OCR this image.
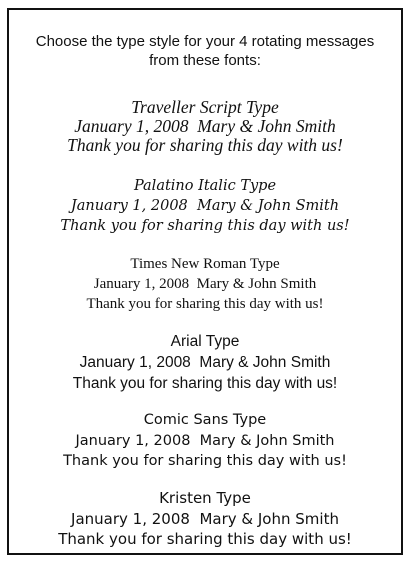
Choose the type style for your 4 rotating messages
from these fonts:
Traveller Script Type
January 1, 2008  Mary & John Smith
Thank you for sharing this day with us!
Palatino Italic Type
January 1, 2008  Mary & John Smith
Thank you for sharing this day with us!
Times New Roman Type
January 1, 2008  Mary & John Smith
Thank you for sharing this day with us!
Arial Type
January 1, 2008  Mary & John Smith
Thank you for sharing this day with us!
Comic Sans Type
January 1, 2008  Mary & John Smith
Thank you for sharing this day with us!
Kristen Type
January 1, 2008  Mary & John Smith
Thank you for sharing this day with us!
